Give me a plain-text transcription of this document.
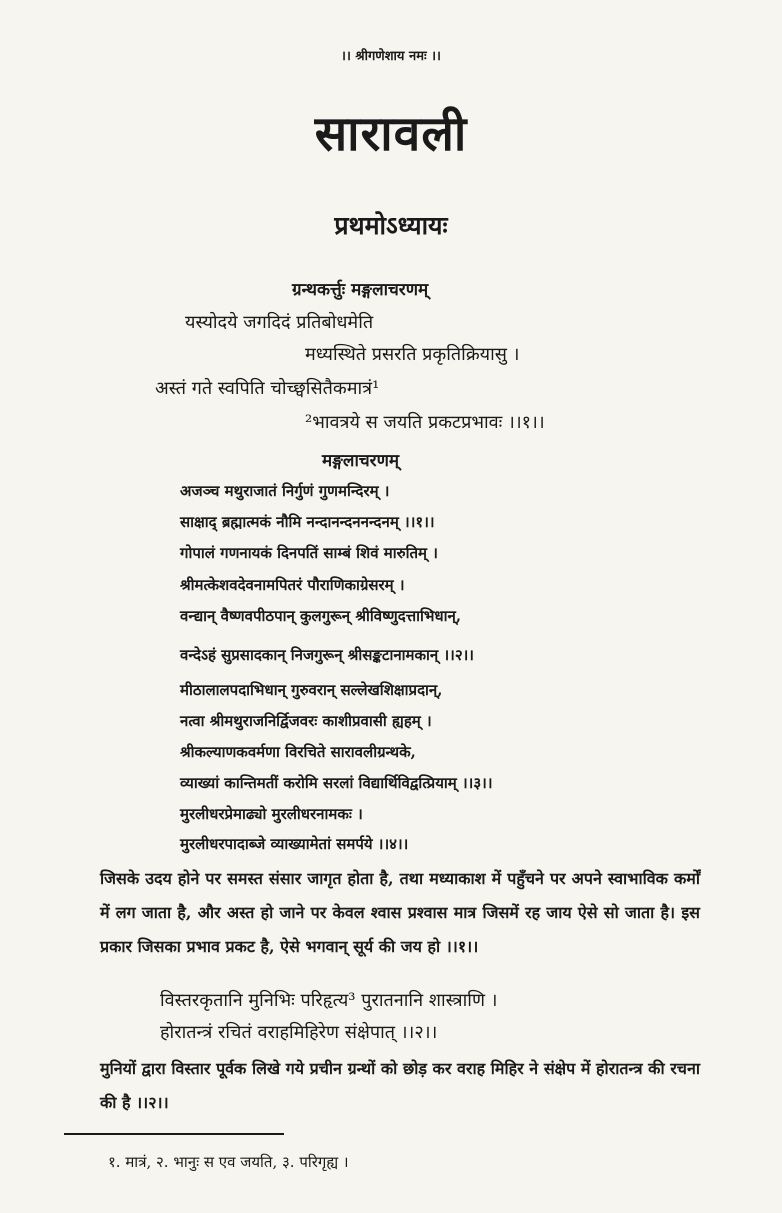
।। श्रीगणेशाय नमः ।।
सारावली
प्रथमोऽध्यायः
ग्रन्थकर्त्तुः मङ्गलाचरणम्
यस्योदये जगदिदं प्रतिबोधमेति
मध्यस्थिते प्रसरति प्रकृतिक्रियासु ।
अस्तं गते स्वपिति चोच्छ्वसितैकमात्रं¹
²भावत्रये स जयति प्रकटप्रभावः ।।१।।
मङ्गलाचरणम्
अजञ्च मथुराजातं निर्गुणं गुणमन्दिरम् ।
साक्षाद् ब्रह्मात्मकं नौमि नन्दानन्दननन्दनम् ।।१।।
गोपालं गणनायकं दिनपतिं साम्बं शिवं मारुतिम् ।
श्रीमत्केशवदेवनामपितरं पौराणिकाग्रेसरम् ।
वन्द्यान् वैष्णवपीठपान् कुलगुरून् श्रीविष्णुदत्ताभिधान्,
वन्देऽहं सुप्रसादकान् निजगुरून् श्रीसङ्कटानामकान् ।।२।।
मीठालालपदाभिधान् गुरुवरान् सल्लेखशिक्षाप्रदान्,
नत्वा श्रीमथुराजनिर्द्विजवरः काशीप्रवासी ह्यहम् ।
श्रीकल्याणकवर्मणा विरचिते सारावलीग्रन्थके,
व्याख्यां कान्तिमतीं करोमि सरलां विद्यार्थिविद्वत्प्रियाम् ।।३।।
मुरलीधरप्रेमाढ्यो मुरलीधरनामकः ।
मुरलीधरपादाब्जे व्याख्यामेतां समर्पये ।।४।।
जिसके उदय होने पर समस्त संसार जागृत होता है, तथा मध्याकाश में पहुँचने पर अपने स्वाभाविक कर्मों में लग जाता है, और अस्त हो जाने पर केवल श्वास प्रश्वास मात्र जिसमें रह जाय ऐसे सो जाता है। इस प्रकार जिसका प्रभाव प्रकट है, ऐसे भगवान् सूर्य की जय हो ।।१।।
विस्तरकृतानि मुनिभिः परिहृत्य³ पुरातनानि शास्त्राणि ।
होरातन्त्रं रचितं वराहमिहिरेण संक्षेपात् ।।२।।
मुनियों द्वारा विस्तार पूर्वक लिखे गये प्रचीन ग्रन्थों को छोड़ कर वराह मिहिर ने संक्षेप में होरातन्त्र की रचना की है ।।२।।
१. मात्रं, २. भानुः स एव जयति, ३. परिगृह्य ।
